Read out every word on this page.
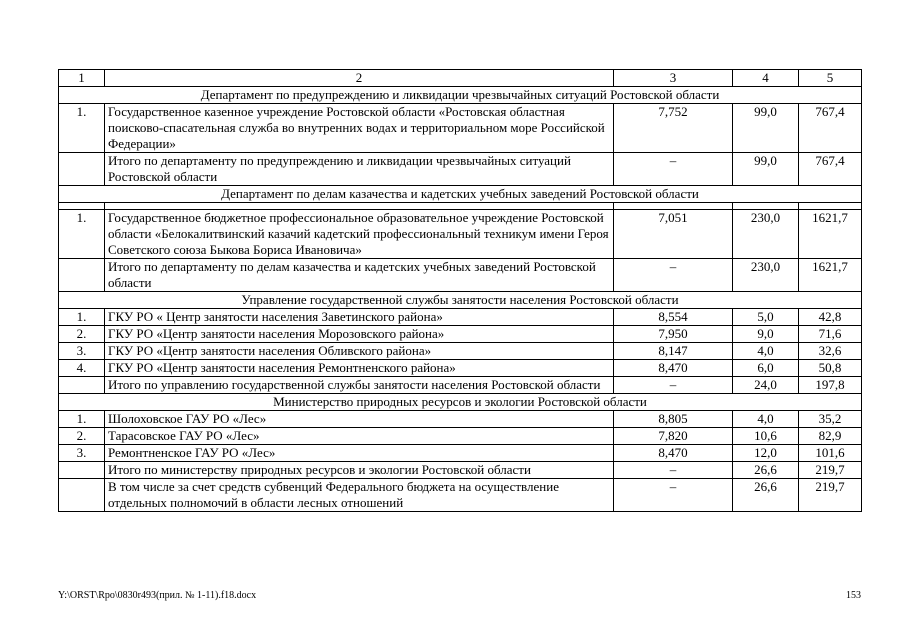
1	2	3	4	5
Департамент по предупреждению и ликвидации чрезвычайных ситуаций Ростовской области				
1.	Государственное казенное учреждение Ростовской области «Ростовская областная поисково-спасательная служба во внутренних водах и территориальном море Российской Федерации»	7,752	99,0	767,4
	Итого по департаменту по предупреждению и ликвидации чрезвычайных ситуаций Ростовской области	–	99,0	767,4
Департамент по делам казачества и кадетских учебных заведений Ростовской области				

1.	Государственное бюджетное профессиональное образовательное учреждение Ростовской области «Белокалитвинский казачий кадетский профессиональный техникум имени Героя Советского союза Быкова Бориса Ивановича»	7,051	230,0	1621,7
	Итого по департаменту по делам казачества и кадетских учебных заведений Ростовской области	–	230,0	1621,7
Управление государственной службы занятости населения Ростовской области				
1.	ГКУ РО « Центр занятости населения Заветинского района»	8,554	5,0	42,8
2.	ГКУ РО «Центр занятости населения Морозовского района»	7,950	9,0	71,6
3.	ГКУ РО «Центр занятости населения Обливского района»	8,147	4,0	32,6
4.	ГКУ РО «Центр занятости населения Ремонтненского района»	8,470	6,0	50,8
	Итого по управлению государственной службы занятости населения Ростовской области	–	24,0	197,8
Министерство природных ресурсов и экологии Ростовской области				
1.	Шолоховское ГАУ РО «Лес»	8,805	4,0	35,2
2.	Тарасовское ГАУ РО «Лес»	7,820	10,6	82,9
3.	Ремонтненское ГАУ РО «Лес»	8,470	12,0	101,6
	Итого по министерству природных ресурсов и экологии Ростовской области	–	26,6	219,7
	В том числе за счет средств субвенций Федерального бюджета на осуществление отдельных полномочий в области лесных отношений	–	26,6	219,7
Y:\ORST\Rpo\0830r493(прил. № 1-11).f18.docx	153
